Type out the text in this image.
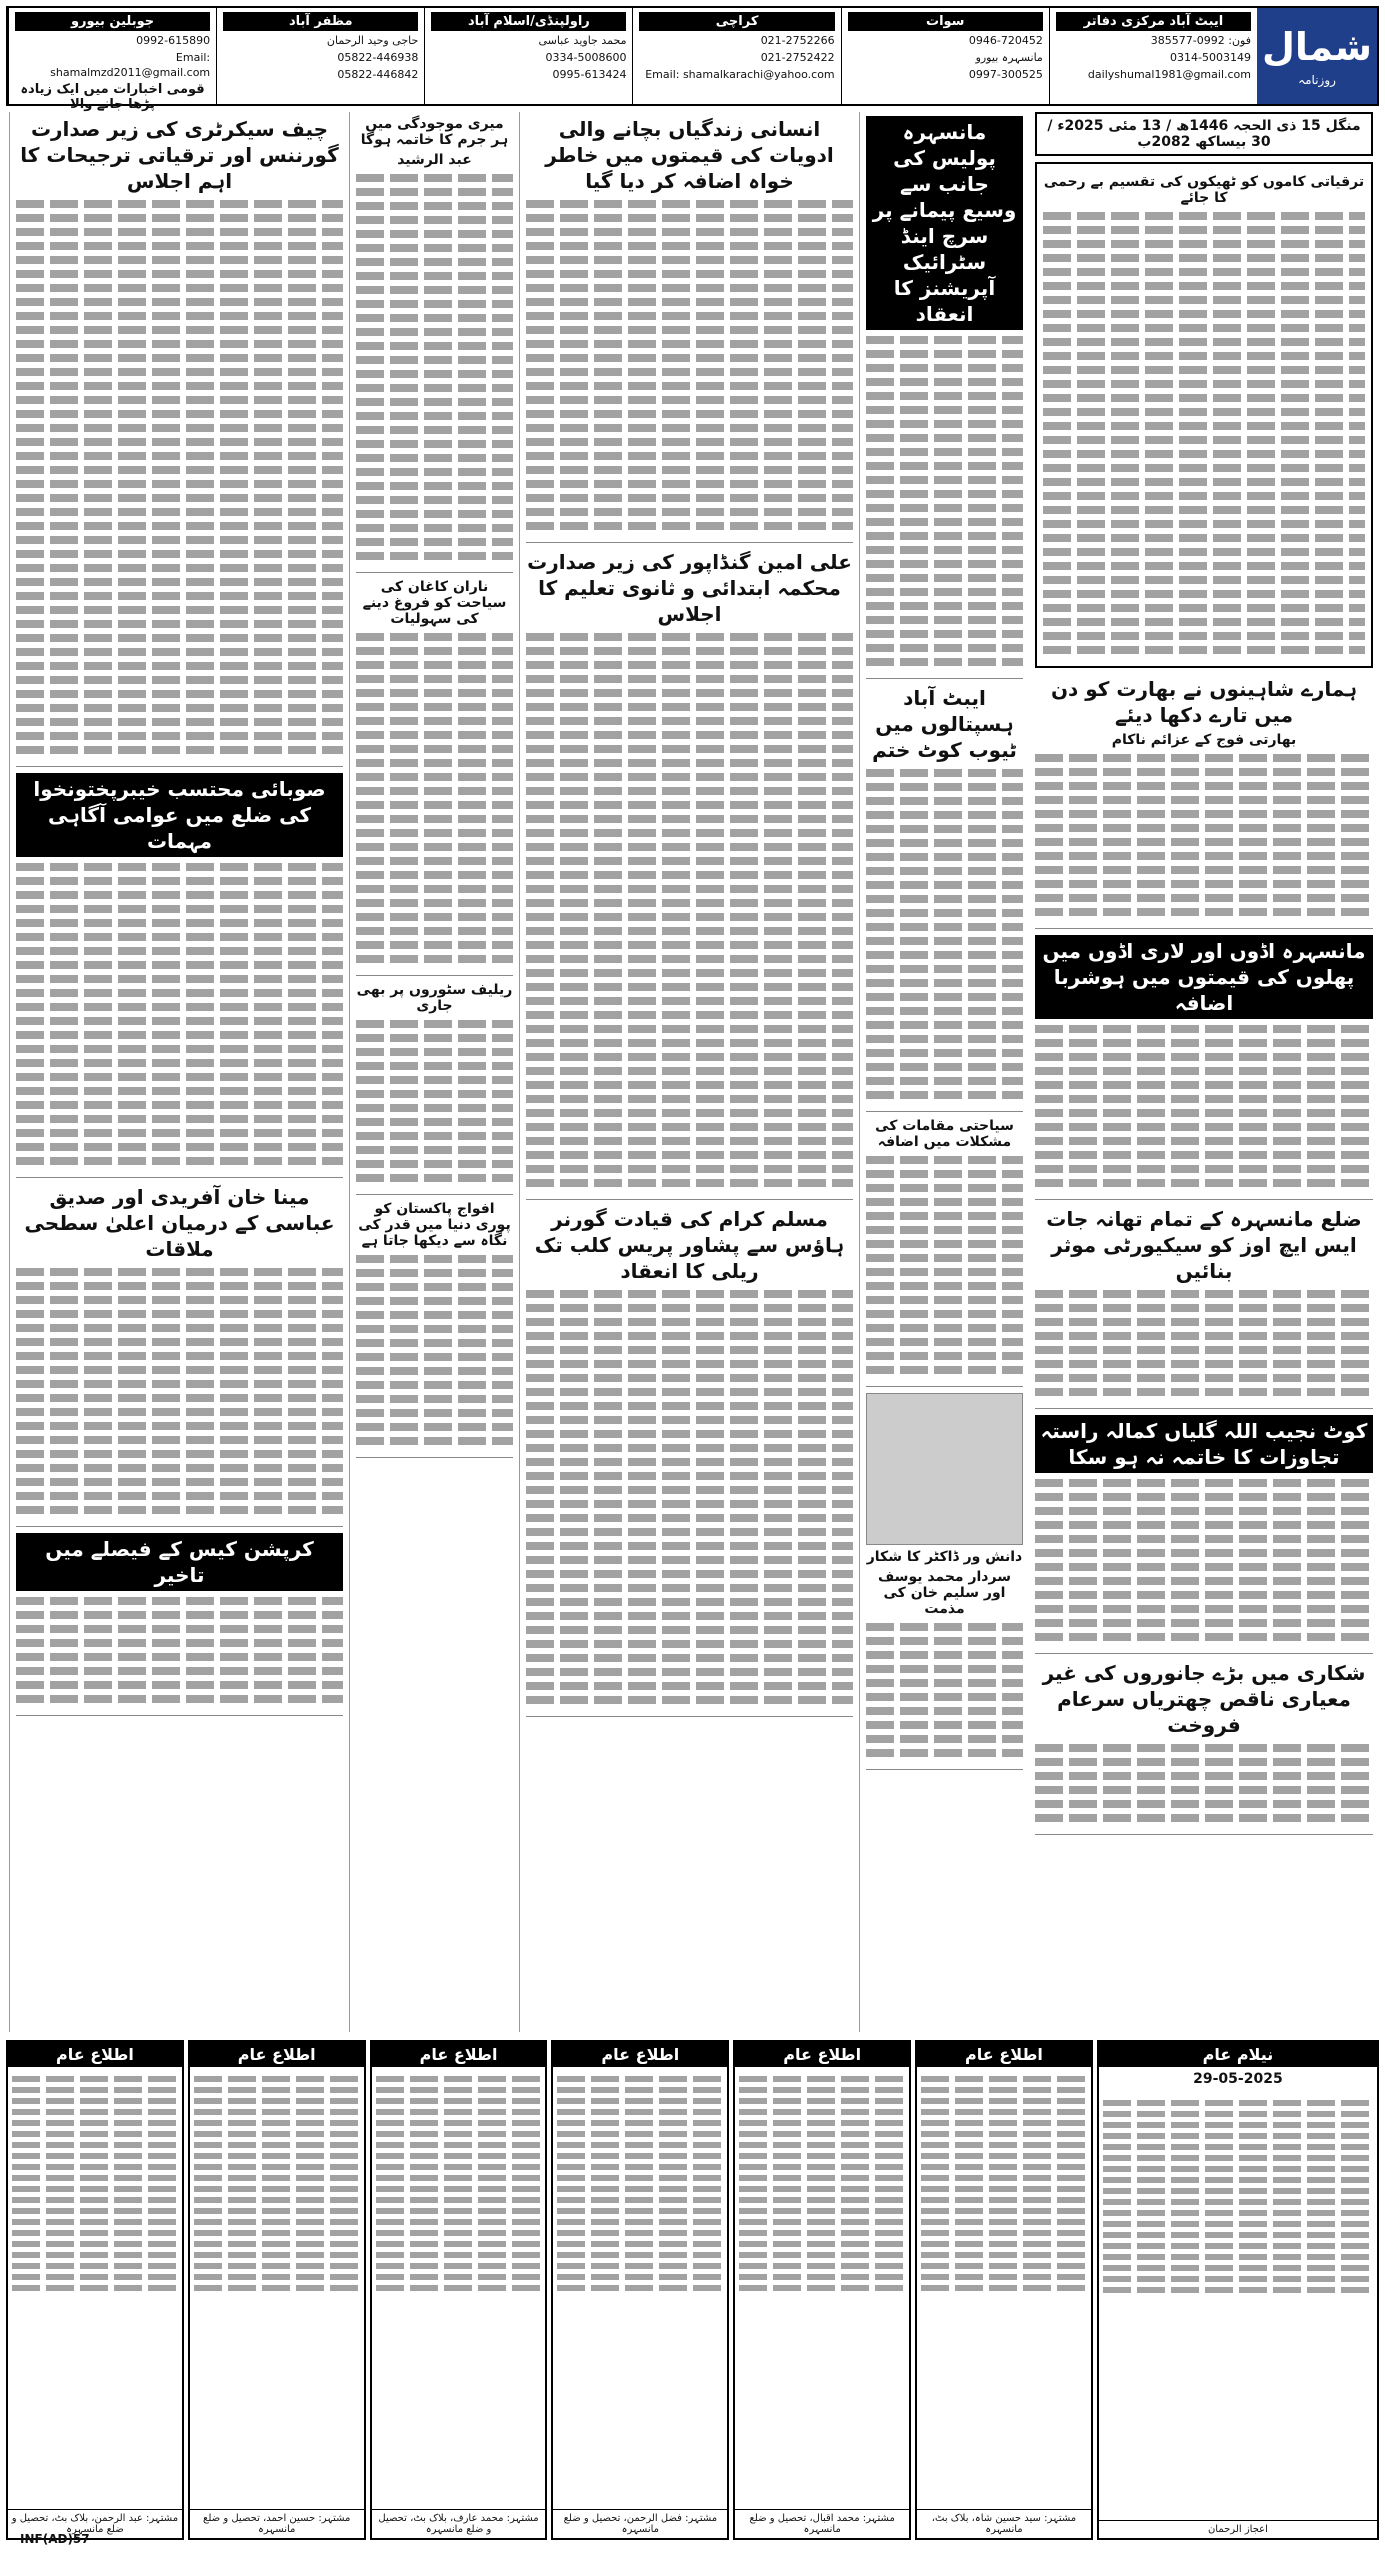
شمال
روزنامہ
ایبٹ آباد مرکزی دفاتر
فون: 0992-385577
0314-5003149
dailyshumal1981@gmail.com
سوات
0946-720452
مانسہرہ بیورو
0997-300525
کراچی
021-2752266
021-2752422
Email: shamalkarachi@yahoo.com
راولپنڈی/اسلام آباد
محمد جاوید عباسی
0334-5008600
0995-613424
مظفر آباد
حاجی وحید الرحمان
05822-446938
05822-446842
جوبلین بیورو
0992-615890
Email: shamalmzd2011@gmail.com
قومی اخبارات میں ایک زیادہ پڑھا جانے والا
منگل 15 ذی الحجہ 1446ھ / 13 مئی 2025ء / 30 بیساکھ 2082ب
ترقیاتی کاموں کو ٹھیکوں کی تقسیم بے رحمی کا جائے
ہمارے شاہینوں نے بھارت کو دن میں تارے دکھا دیئے
بھارتی فوج کے عزائم ناکام
مانسہرہ اڈوں اور لاری اڈوں میں پھلوں کی قیمتوں میں ہوشربا اضافہ
ضلع مانسہرہ کے تمام تھانہ جات ایس ایچ اوز کو سیکیورٹی موثر بنائیں
کوٹ نجیب اللہ گلیاں کمالہ راستہ تجاوزات کا خاتمہ نہ ہو سکا
شکاری میں بڑے جانوروں کی غیر معیاری ناقص چھتریاں سرعام فروخت
مانسہرہ پولیس کی جانب سے وسیع پیمانے پر سرچ اینڈ سٹرائیک آپریشنز کا انعقاد
ایبٹ آباد ہسپتالوں میں ٹیوب کوٹ ختم
سیاحتی مقامات کی مشکلات میں اضافہ
دانش ور ڈاکٹر کا شکار
سردار محمد یوسف اور سلیم خان کی مذمت
انسانی زندگیاں بچانے والی ادویات کی قیمتوں میں خاطر خواہ اضافہ کر دیا گیا
علی امین گنڈاپور کی زیر صدارت محکمہ ابتدائی و ثانوی تعلیم کا اجلاس
مسلم کرام کی قیادت گورنر ہاؤس سے پشاور پریس کلب تک ریلی کا انعقاد
میری موجودگی میں ہر جرم کا خاتمہ ہوگا
عبد الرشید
ناران کاغان کی سیاحت کو فروغ دینے کی سہولیات
ریلیف سٹوروں پر بھی جاری
افواج پاکستان کو پوری دنیا میں قدر کی نگاہ سے دیکھا جاتا ہے
چیف سیکرٹری کی زیر صدارت گورننس اور ترقیاتی ترجیحات کا اہم اجلاس
صوبائی محتسب خیبرپختونخوا کی ضلع میں عوامی آگاہی مہمات
مینا خان آفریدی اور صدیق عباسی کے درمیان اعلیٰ سطحی ملاقات
کرپشن کیس کے فیصلے میں تاخیر
اطلاع عام
مشتہر: عبد الرحمن، بلاک بٹ، تحصیل و ضلع مانسہرہ
اطلاع عام
مشتہر: حسین احمد، تحصیل و ضلع مانسہرہ
اطلاع عام
مشتہر: محمد عارف، بلاک بٹ، تحصیل و ضلع مانسہرہ
اطلاع عام
مشتہر: فضل الرحمن، تحصیل و ضلع مانسہرہ
اطلاع عام
مشتہر: محمد اقبال، تحصیل و ضلع مانسہرہ
اطلاع عام
مشتہر: سید حسین شاہ، بلاک بٹ، مانسہرہ
نیلام عام
29-05-2025
اعجاز الرحمان
INF(AD)57
